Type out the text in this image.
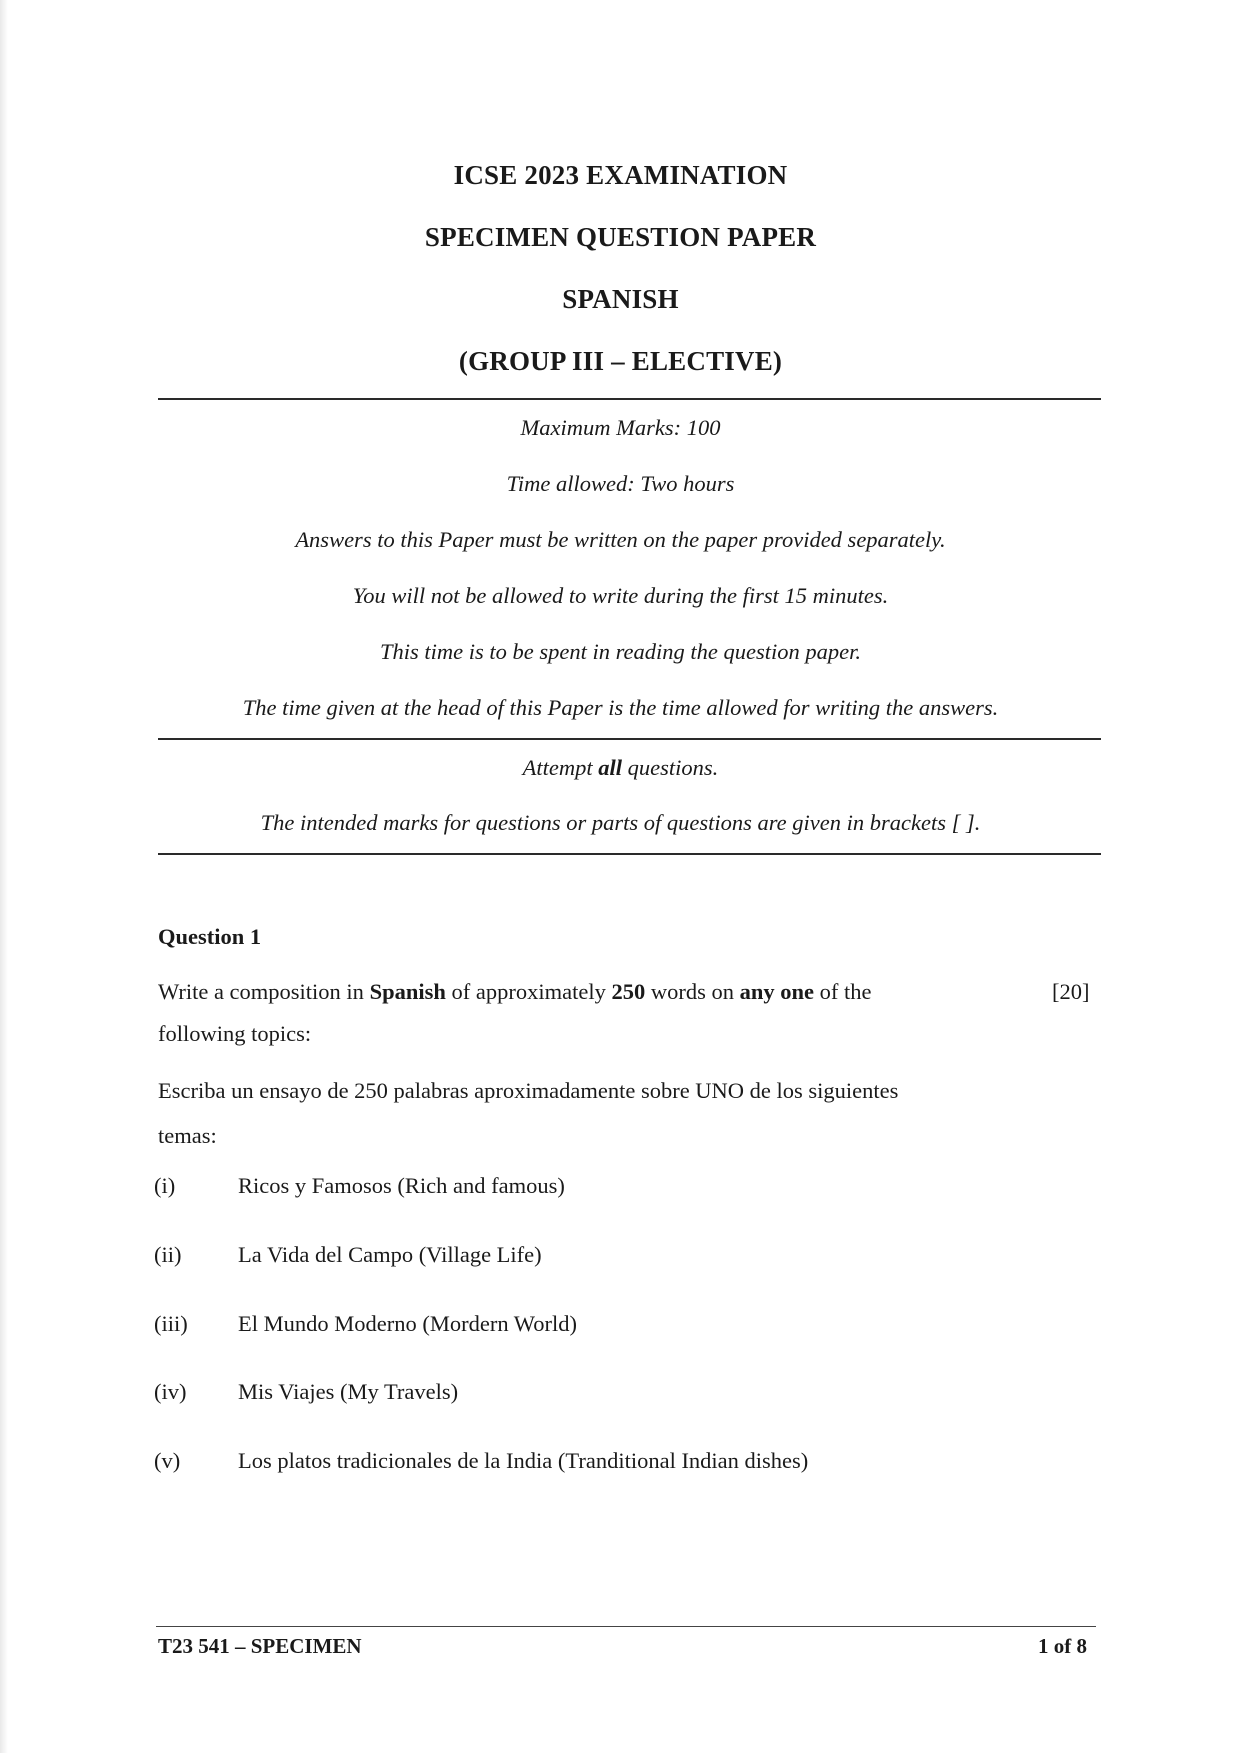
ICSE 2023 EXAMINATION
SPECIMEN QUESTION PAPER
SPANISH
(GROUP III – ELECTIVE)
Maximum Marks: 100
Time allowed: Two hours
Answers to this Paper must be written on the paper provided separately.
You will not be allowed to write during the first 15 minutes.
This time is to be spent in reading the question paper.
The time given at the head of this Paper is the time allowed for writing the answers.
Attempt all questions.
The intended marks for questions or parts of questions are given in brackets [ ].
Question 1
Write a composition in Spanish of approximately 250 words on any one of the
following topics:
[20]
Escriba un ensayo de 250 palabras aproximadamente sobre UNO de los siguientes
temas:
(i)	Ricos y Famosos (Rich and famous)
(ii)	La Vida del Campo (Village Life)
(iii) El Mundo Moderno (Mordern World)
(iv) Mis Viajes (My Travels)
(v)	Los platos tradicionales de la India (Tranditional Indian dishes)
T23 541 – SPECIMEN	1 of 8
